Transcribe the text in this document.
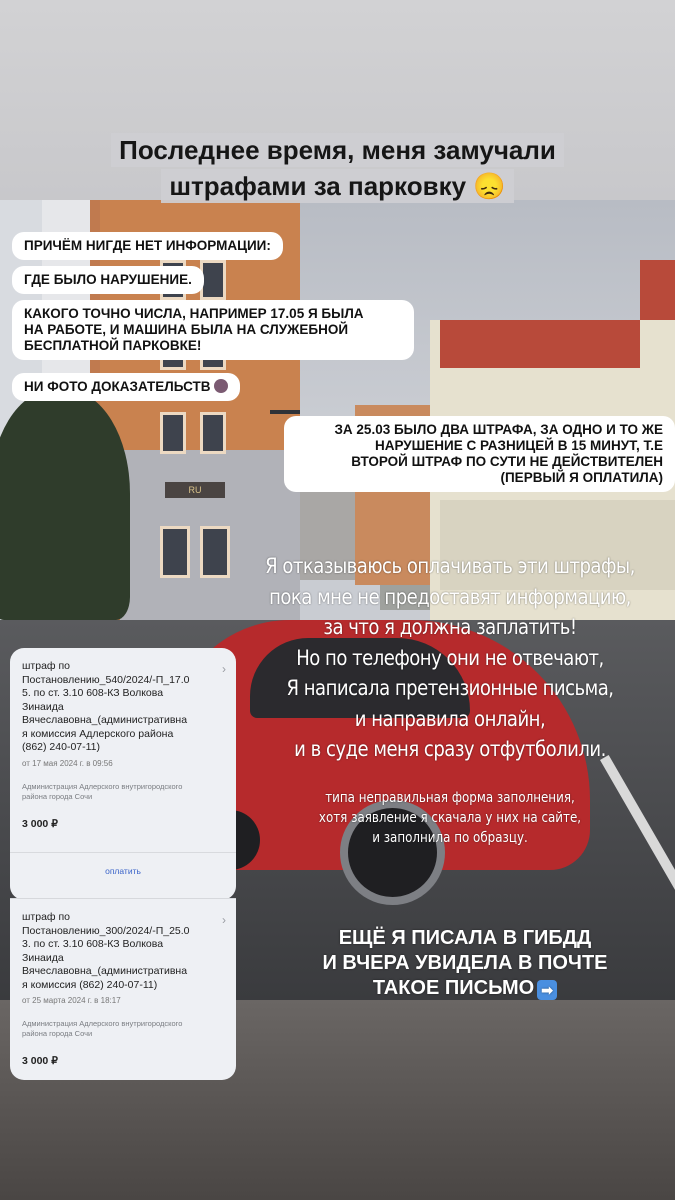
RU
Последнее время, меня замучали
штрафами за парковку 😞
ПРИЧЁМ НИГДЕ НЕТ ИНФОРМАЦИИ:
ГДЕ БЫЛО НАРУШЕНИЕ.
КАКОГО ТОЧНО ЧИСЛА, НАПРИМЕР 17.05 Я БЫЛА
НА РАБОТЕ, И МАШИНА БЫЛА НА СЛУЖЕБНОЙ
БЕСПЛАТНОЙ ПАРКОВКЕ!
НИ ФОТО ДОКАЗАТЕЛЬСТВ
ЗА 25.03 БЫЛО ДВА ШТРАФА, ЗА ОДНО И ТО ЖЕ
НАРУШЕНИЕ С РАЗНИЦЕЙ В 15 МИНУТ, Т.Е
ВТОРОЙ ШТРАФ ПО СУТИ НЕ ДЕЙСТВИТЕЛЕН
(ПЕРВЫЙ Я ОПЛАТИЛА)
Я отказываюсь оплачивать эти штрафы,
пока мне не предоставят информацию,
за что я должна заплатить!
Но по телефону они не отвечают,
Я написала претензионные письма,
и направила онлайн,
и в суде меня сразу отфутболили.
типа неправильная форма заполнения,
хотя заявление я скачала у них на сайте,
и заполнила по образцу.
ЕЩЁ Я ПИСАЛА В ГИБДД
И ВЧЕРА УВИДЕЛА В ПОЧТЕ
ТАКОЕ ПИСЬМО ➡
›
штраф по
Постановлению_540/2024/-П_17.0
5. по ст. 3.10 608-КЗ Волкова
Зинаида
Вячеславовна_(административна
я комиссия Адлерского района
(862) 240-07-11)
от 17 мая 2024 г. в 09:56
Администрация Адлерского внутригородского
района города Сочи
3 000 ₽
оплатить
›
штраф по
Постановлению_300/2024/-П_25.0
3. по ст. 3.10 608-КЗ Волкова
Зинаида
Вячеславовна_(административна
я комиссия (862) 240-07-11)
от 25 марта 2024 г. в 18:17
Администрация Адлерского внутригородского
района города Сочи
3 000 ₽
